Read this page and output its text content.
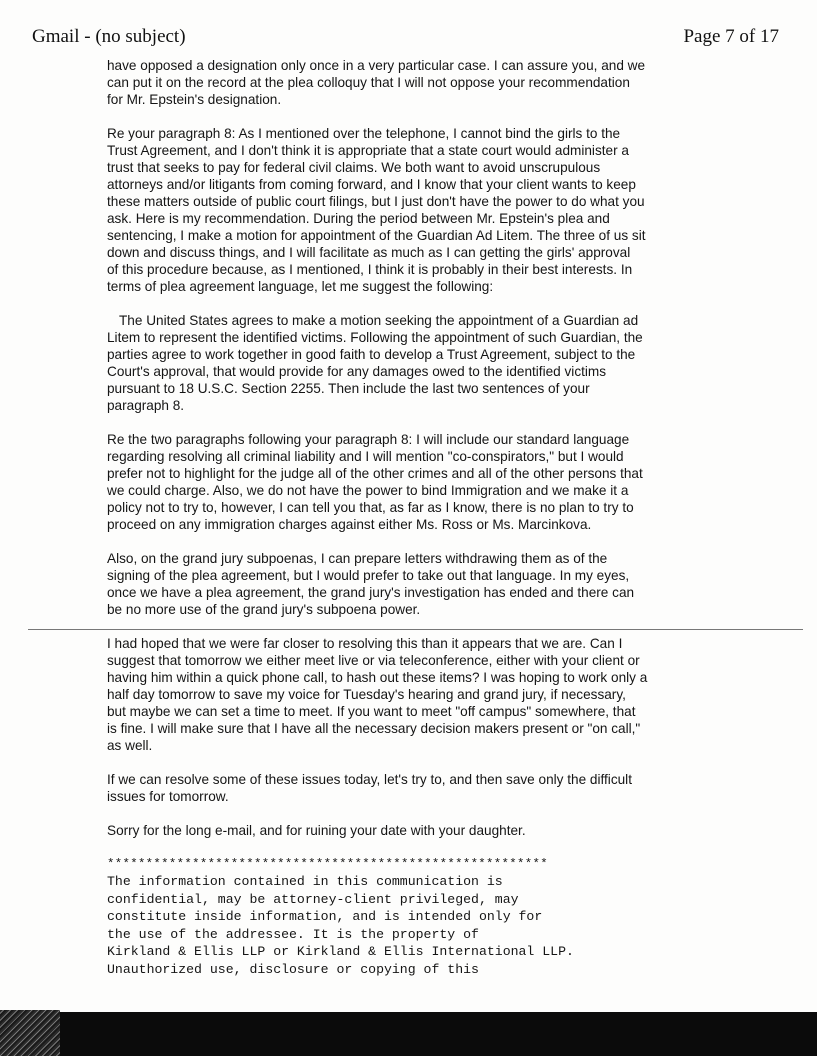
Gmail - (no subject)	Page 7 of 17

have opposed a designation only once in a very particular case. I can assure you, and we
can put it on the record at the plea colloquy that I will not oppose your recommendation
for Mr. Epstein's designation.

Re your paragraph 8: As I mentioned over the telephone, I cannot bind the girls to the
Trust Agreement, and I don't think it is appropriate that a state court would administer a
trust that seeks to pay for federal civil claims. We both want to avoid unscrupulous
attorneys and/or litigants from coming forward, and I know that your client wants to keep
these matters outside of public court filings, but I just don't have the power to do what you
ask. Here is my recommendation. During the period between Mr. Epstein's plea and
sentencing, I make a motion for appointment of the Guardian Ad Litem. The three of us sit
down and discuss things, and I will facilitate as much as I can getting the girls' approval
of this procedure because, as I mentioned, I think it is probably in their best interests. In
terms of plea agreement language, let me suggest the following:

The United States agrees to make a motion seeking the appointment of a Guardian ad
Litem to represent the identified victims. Following the appointment of such Guardian, the
parties agree to work together in good faith to develop a Trust Agreement, subject to the
Court's approval, that would provide for any damages owed to the identified victims
pursuant to 18 U.S.C. Section 2255. Then include the last two sentences of your
paragraph 8.

Re the two paragraphs following your paragraph 8: I will include our standard language
regarding resolving all criminal liability and I will mention "co-conspirators," but I would
prefer not to highlight for the judge all of the other crimes and all of the other persons that
we could charge. Also, we do not have the power to bind Immigration and we make it a
policy not to try to, however, I can tell you that, as far as I know, there is no plan to try to
proceed on any immigration charges against either Ms. Ross or Ms. Marcinkova.

Also, on the grand jury subpoenas, I can prepare letters withdrawing them as of the
signing of the plea agreement, but I would prefer to take out that language. In my eyes,
once we have a plea agreement, the grand jury's investigation has ended and there can
be no more use of the grand jury's subpoena power.

I had hoped that we were far closer to resolving this than it appears that we are. Can I
suggest that tomorrow we either meet live or via teleconference, either with your client or
having him within a quick phone call, to hash out these items? I was hoping to work only a
half day tomorrow to save my voice for Tuesday's hearing and grand jury, if necessary,
but maybe we can set a time to meet. If you want to meet "off campus" somewhere, that
is fine. I will make sure that I have all the necessary decision makers present or "on call,"
as well.

If we can resolve some of these issues today, let's try to, and then save only the difficult
issues for tomorrow.

Sorry for the long e-mail, and for ruining your date with your daughter.

*********************************************************

The information contained in this communication is
confidential, may be attorney-client privileged, may
constitute inside information, and is intended only for
the use of the addressee. It is the property of
Kirkland & Ellis LLP or Kirkland & Ellis International LLP.
Unauthorized use, disclosure or copying of this
